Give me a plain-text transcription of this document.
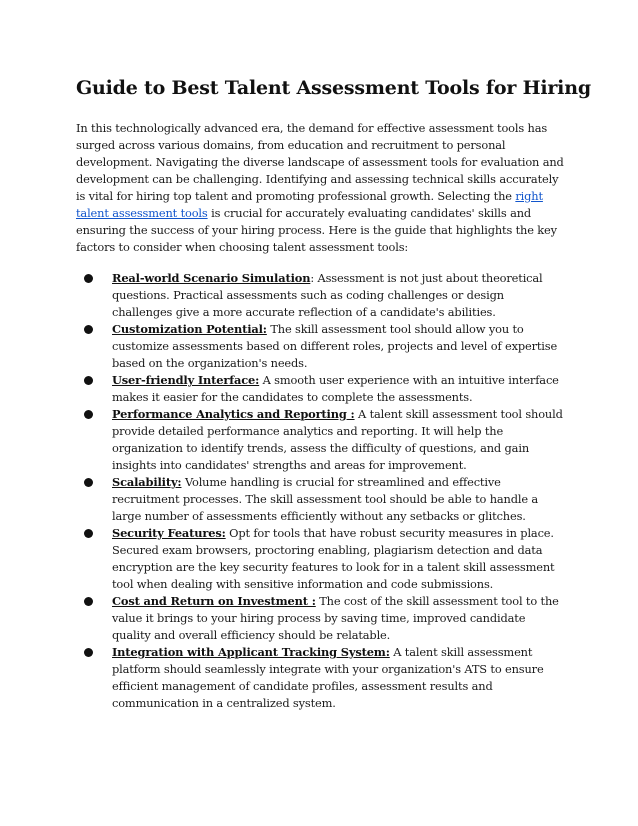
Guide to Best Talent Assessment Tools for Hiring

In this technologically advanced era, the demand for effective assessment tools has surged across various domains, from education and recruitment to personal development. Navigating the diverse landscape of assessment tools for evaluation and development can be challenging. Identifying and assessing technical skills accurately is vital for hiring top talent and promoting professional growth. Selecting the right talent assessment tools is crucial for accurately evaluating candidates' skills and ensuring the success of your hiring process. Here is the guide that highlights the key factors to consider when choosing talent assessment tools:

Real-world Scenario Simulation: Assessment is not just about theoretical questions. Practical assessments such as coding challenges or design challenges give a more accurate reflection of a candidate's abilities.
Customization Potential: The skill assessment tool should allow you to customize assessments based on different roles, projects and level of expertise based on the organization's needs.
User-friendly Interface: A smooth user experience with an intuitive interface makes it easier for the candidates to complete the assessments.
Performance Analytics and Reporting : A talent skill assessment tool should provide detailed performance analytics and reporting. It will help the organization to identify trends, assess the difficulty of questions, and gain insights into candidates' strengths and areas for improvement.
Scalability: Volume handling is crucial for streamlined and effective recruitment processes. The skill assessment tool should be able to handle a large number of assessments efficiently without any setbacks or glitches.
Security Features: Opt for tools that have robust security measures in place. Secured exam browsers, proctoring enabling, plagiarism detection and data encryption are the key security features to look for in a talent skill assessment tool when dealing with sensitive information and code submissions.
Cost and Return on Investment : The cost of the skill assessment tool to the value it brings to your hiring process by saving time, improved candidate quality and overall efficiency should be relatable.
Integration with Applicant Tracking System: A talent skill assessment platform should seamlessly integrate with your organization's ATS to ensure efficient management of candidate profiles, assessment results and communication in a centralized system.
